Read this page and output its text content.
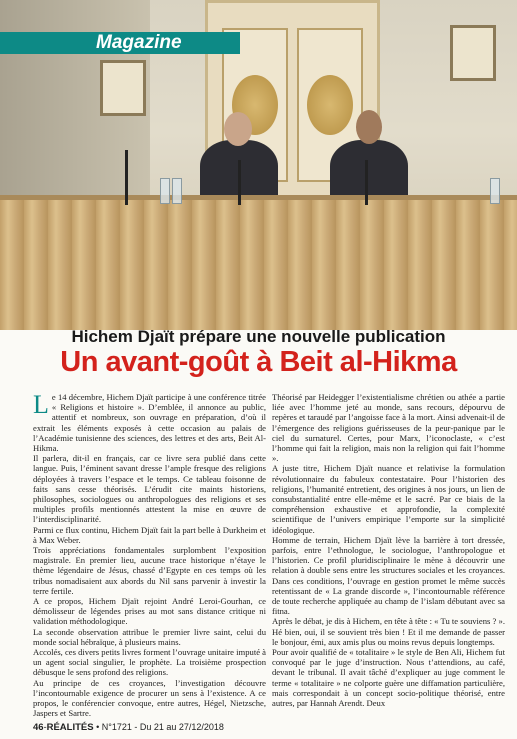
Magazine
Hichem Djaït prépare une nouvelle publication
Un avant-goût à Beit al-Hikma

Le 14 décembre, Hichem Djaït participe à une conférence titrée « Religions et histoire ». D’emblée, il annonce au public, attentif et nombreux, son ouvrage en préparation, d’où il extrait les éléments exposés à cette occasion au palais de l’Académie tunisienne des sciences, des lettres et des arts, Beit Al-Hikma.

Il parlera, dit-il en français, car ce livre sera publié dans cette langue. Puis, l’éminent savant dresse l’ample fresque des religions déployées à travers l’espace et le temps. Ce tableau foisonne de faits sans cesse théorisés. L’érudit cite maints historiens, philosophes, sociologues ou anthropologues des religions et ses multiples profils mentionnés attestent la mise en œuvre de l’interdisciplinarité.

Parmi ce flux continu, Hichem Djaït fait la part belle à Durkheim et à Max Weber.

Trois appréciations fondamentales surplombent l’exposition magistrale. En premier lieu, aucune trace historique n’étaye le thème légendaire de Jésus, chassé d’Egypte en ces temps où les tribus nomadisaient aux abords du Nil sans parvenir à investir la terre fertile.

A ce propos, Hichem Djaït rejoint André Leroi-Gourhan, ce démolisseur de légendes prises au mot sans distance critique ni validation méthodologique.

La seconde observation attribue le premier livre saint, celui du monde social hébraïque, à plusieurs mains.

Accolés, ces divers petits livres forment l’ouvrage unitaire imputé à un agent social singulier, le prophète. La troisième prospection débusque le sens profond des religions.

Au principe de ces croyances, l’investigation découvre l’incontournable exigence de procurer un sens à l’existence. A ce propos, le conférencier convoque, entre autres, Hégel, Nietzsche, Jaspers et Sartre.

Théorisé par Heidegger l’existentialisme chrétien ou athée a partie liée avec l’homme jeté au monde, sans recours, dépourvu de repères et taraudé par l’angoisse face à la mort. Ainsi advenait-il de l’émergence des religions guérisseuses de la peur-panique par le ciel du surnaturel. Certes, pour Marx, l’iconoclaste, « c’est l’homme qui fait la religion, mais non la religion qui fait l’homme ».

A juste titre, Hichem Djaït nuance et relativise la formulation révolutionnaire du fabuleux contestataire. Pour l’historien des religions, l’humanité entretient, des origines à nos jours, un lien de consubstantialité entre elle-même et le sacré. Par ce biais de la compréhension exhaustive et approfondie, la complexité scientifique de l’univers empirique l’emporte sur la simplicité idéologique.

Homme de terrain, Hichem Djaït lève la barrière à tort dressée, parfois, entre l’ethnologue, le sociologue, l’anthropologue et l’historien. Ce profil pluridisciplinaire le mène à découvrir une relation à double sens entre les structures sociales et les croyances. Dans ces conditions, l’ouvrage en gestion promet le même succès retentissant de « La grande discorde », l’incontournable référence de toute recherche appliquée au champ de l’islam débutant avec sa fitna.

Après le débat, je dis à Hichem, en tête à tête : « Tu te souviens ? ». Hé bien, oui, il se souvient très bien ! Et il me demande de passer le bonjour, émi, aux amis plus ou moins revus depuis longtemps.

Pour avoir qualifié de « totalitaire » le style de Ben Ali, Hichem fut convoqué par le juge d’instruction. Nous t’attendions, au café, devant le tribunal. Il avait tâché d’expliquer au juge comment le terme « totalitaire » ne colporte guère une diffamation particulière, mais correspondait à un concept socio-politique théorisé, entre autres, par Hannah Arendt. Deux

46-RÉALITÉS • N°1721 - Du 21 au 27/12/2018
